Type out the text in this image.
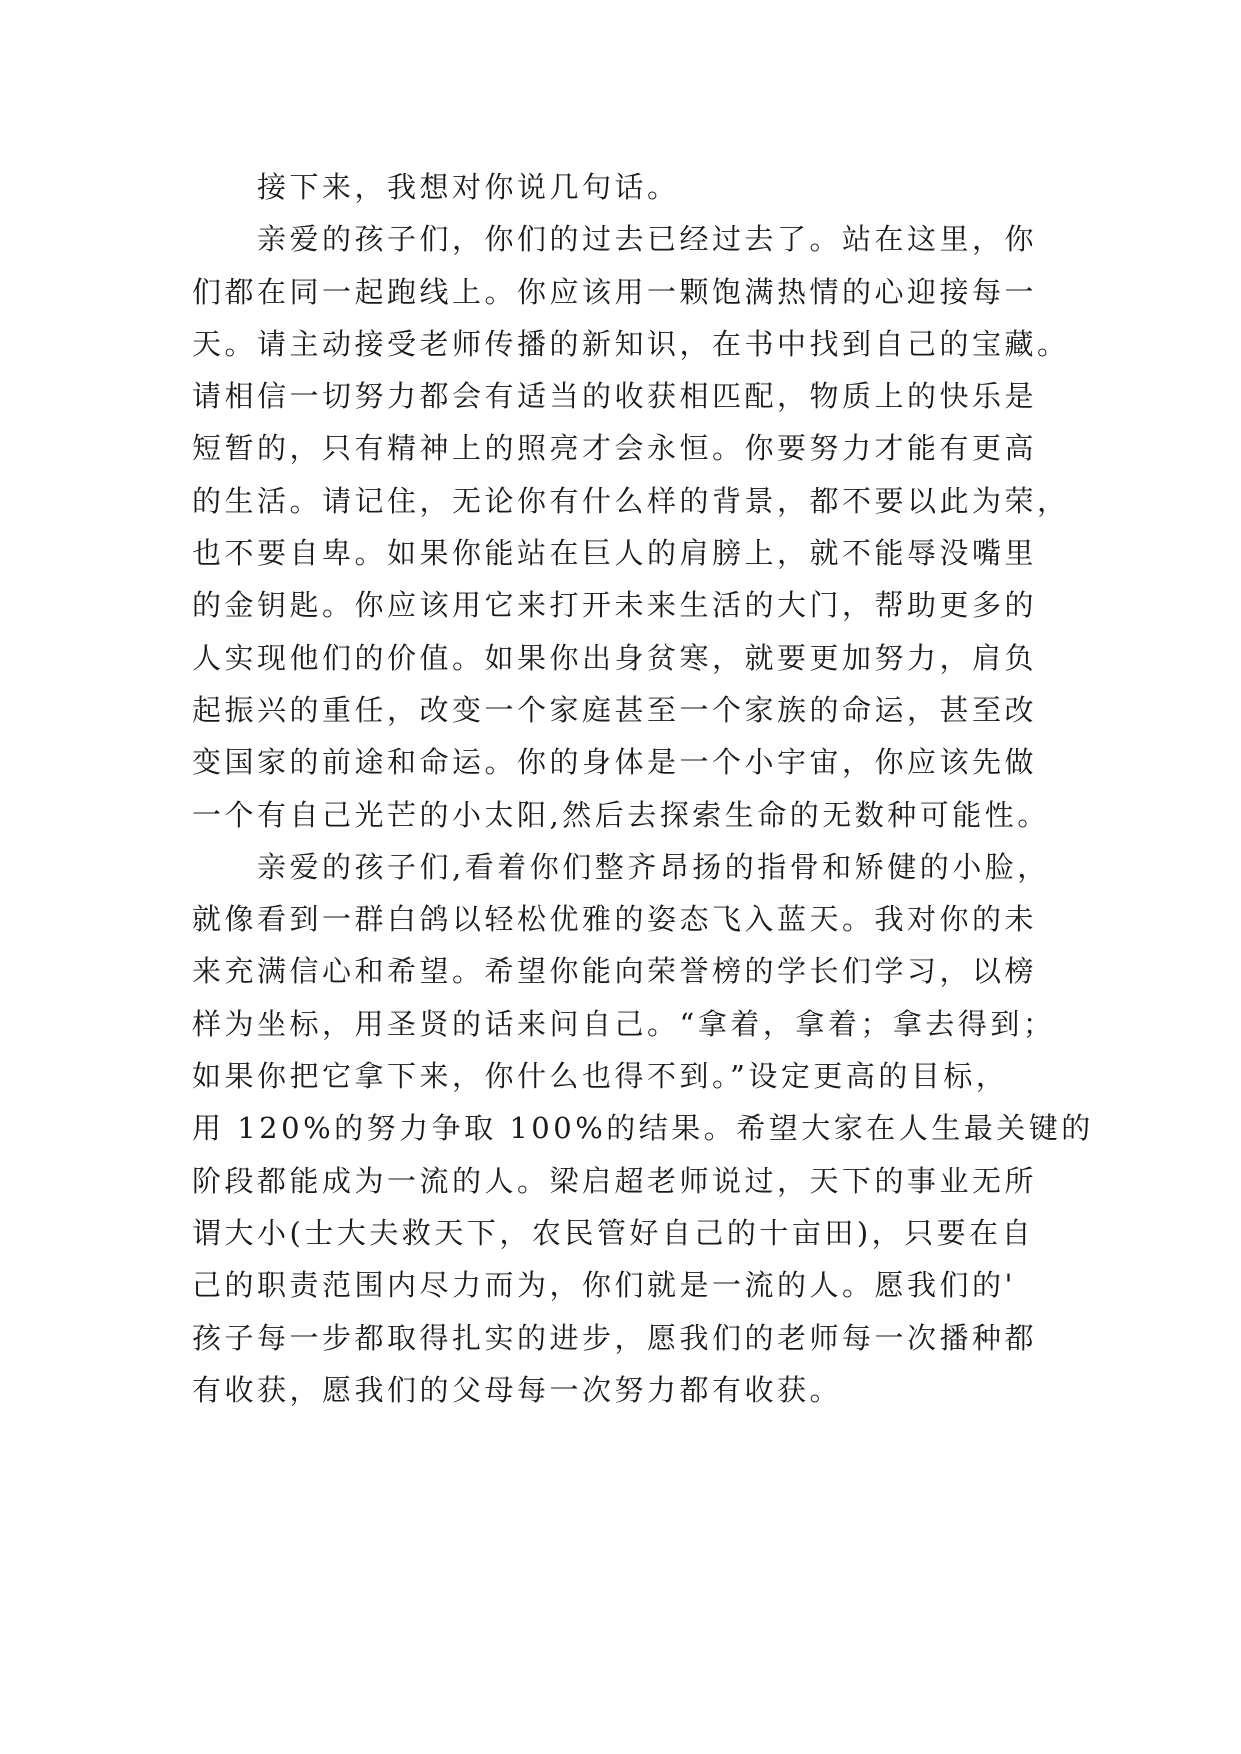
接下来，我想对你说几句话。
亲爱的孩子们，你们的过去已经过去了。站在这里，你
们都在同一起跑线上。你应该用一颗饱满热情的心迎接每一
天。请主动接受老师传播的新知识，在书中找到自己的宝藏。
请相信一切努力都会有适当的收获相匹配，物质上的快乐是
短暂的，只有精神上的照亮才会永恒。你要努力才能有更高
的生活。请记住，无论你有什么样的背景，都不要以此为荣，
也不要自卑。如果你能站在巨人的肩膀上，就不能辱没嘴里
的金钥匙。你应该用它来打开未来生活的大门，帮助更多的
人实现他们的价值。如果你出身贫寒，就要更加努力，肩负
起振兴的重任，改变一个家庭甚至一个家族的命运，甚至改
变国家的前途和命运。你的身体是一个小宇宙，你应该先做
一个有自己光芒的小太阳,然后去探索生命的无数种可能性。
亲爱的孩子们,看着你们整齐昂扬的指骨和矫健的小脸，
就像看到一群白鸽以轻松优雅的姿态飞入蓝天。我对你的未
来充满信心和希望。希望你能向荣誉榜的学长们学习，以榜
样为坐标，用圣贤的话来问自己。“拿着，拿着；拿去得到；
如果你把它拿下来，你什么也得不到。”设定更高的目标，
用 120%的努力争取 100%的结果。希望大家在人生最关键的
阶段都能成为一流的人。梁启超老师说过，天下的事业无所
谓大小(士大夫救天下，农民管好自己的十亩田)，只要在自
己的职责范围内尽力而为，你们就是一流的人。愿我们的'
孩子每一步都取得扎实的进步，愿我们的老师每一次播种都
有收获，愿我们的父母每一次努力都有收获。
